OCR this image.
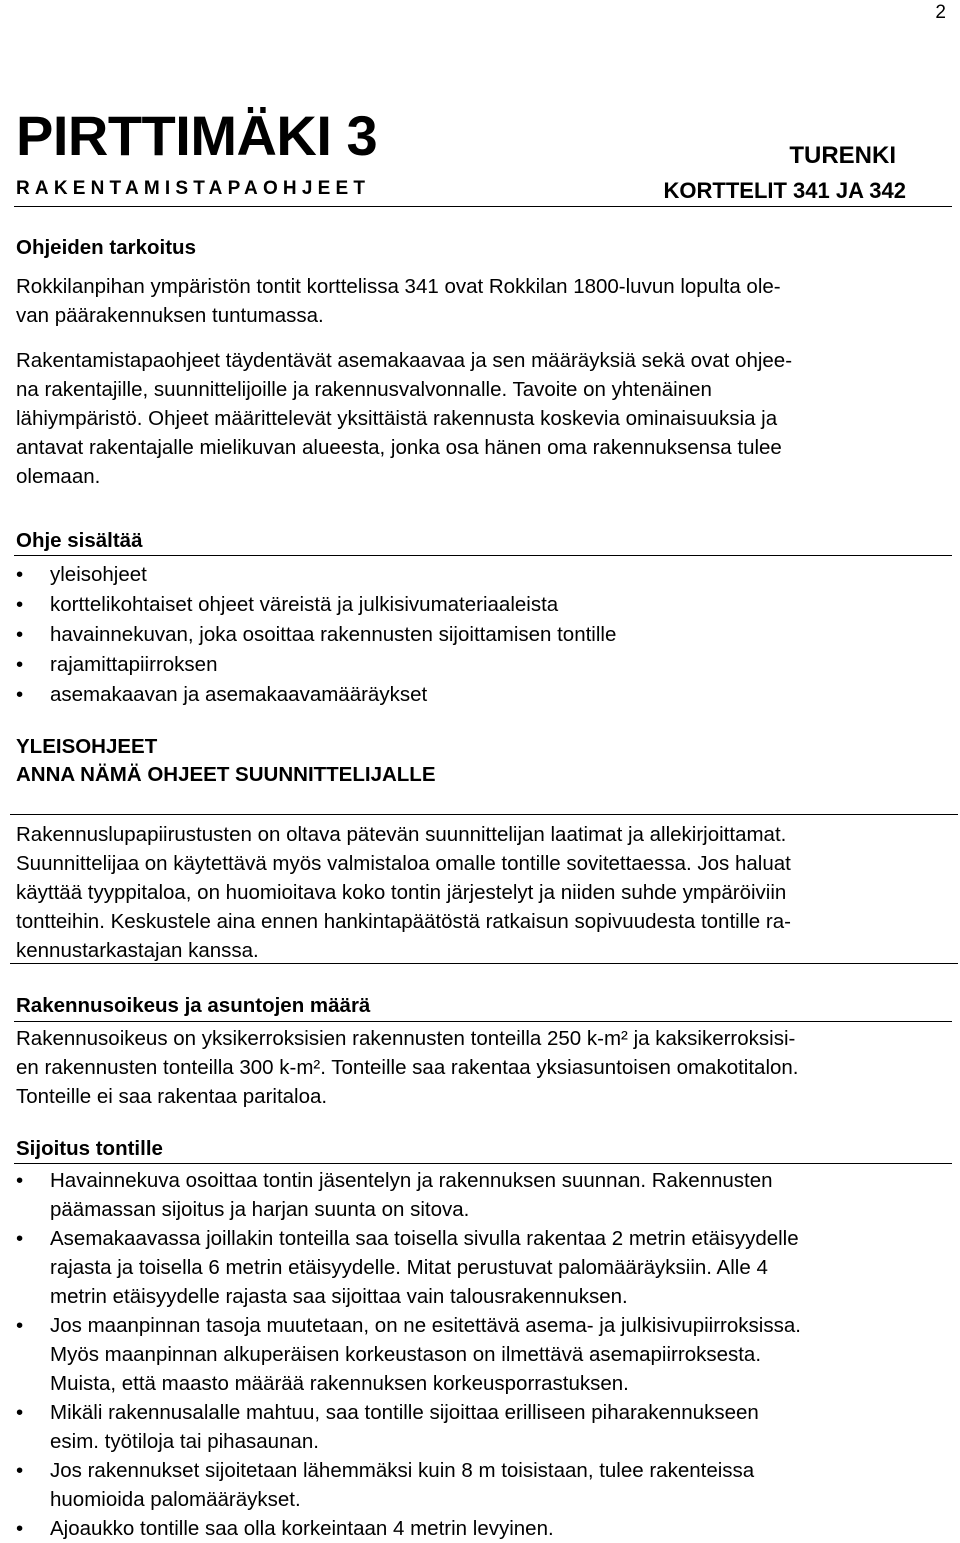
2
PIRTTIMÄKI 3	TURENKI
RAKENTAMISTAPAOHJEET	KORTTELIT 341 JA 342
Ohjeiden tarkoitus
Rokkilanpihan ympäristön tontit korttelissa 341 ovat Rokkilan 1800-luvun lopulta ole-
van päärakennuksen tuntumassa.
Rakentamistapaohjeet täydentävät asemakaavaa ja sen määräyksiä sekä ovat ohjee-
na rakentajille, suunnittelijoille ja rakennusvalvonnalle. Tavoite on yhtenäinen
lähiympäristö. Ohjeet määrittelevät yksittäistä rakennusta koskevia ominaisuuksia ja
antavat rakentajalle mielikuvan alueesta, jonka osa hänen oma rakennuksensa tulee
olemaan.
Ohje sisältää
• yleisohjeet
• korttelikohtaiset ohjeet väreistä ja julkisivumateriaaleista
• havainnekuvan, joka osoittaa rakennusten sijoittamisen tontille
• rajamittapiirroksen
• asemakaavan ja asemakaavamääräykset
YLEISOHJEET
ANNA NÄMÄ OHJEET SUUNNITTELIJALLE
Rakennuslupapiirustusten on oltava pätevän suunnittelijan laatimat ja allekirjoittamat.
Suunnittelijaa on käytettävä myös valmistaloa omalle tontille sovitettaessa. Jos haluat
käyttää tyyppitaloa, on huomioitava koko tontin järjestelyt ja niiden suhde ympäröiviin
tontteihin. Keskustele aina ennen hankintapäätöstä ratkaisun sopivuudesta tontille ra-
kennustarkastajan kanssa.
Rakennusoikeus ja asuntojen määrä
Rakennusoikeus on yksikerroksisien rakennusten tonteilla 250 k-m² ja kaksikerroksisi-
en rakennusten tonteilla 300 k-m². Tonteille saa rakentaa yksiasuntoisen omakotitalon.
Tonteille ei saa rakentaa paritaloa.
Sijoitus tontille
• Havainnekuva osoittaa tontin jäsentelyn ja rakennuksen suunnan. Rakennusten
päämassan sijoitus ja harjan suunta on sitova.
• Asemakaavassa joillakin tonteilla saa toisella sivulla rakentaa 2 metrin etäisyydelle
rajasta ja toisella 6 metrin etäisyydelle. Mitat perustuvat palomääräyksiin. Alle 4
metrin etäisyydelle rajasta saa sijoittaa vain talousrakennuksen.
• Jos maanpinnan tasoja muutetaan, on ne esitettävä asema- ja julkisivupiirroksissa.
Myös maanpinnan alkuperäisen korkeustason on ilmettävä asemapiirroksesta.
Muista, että maasto määrää rakennuksen korkeusporrastuksen.
• Mikäli rakennusalalle mahtuu, saa tontille sijoittaa erilliseen piharakennukseen
esim. työtiloja tai pihasaunan.
• Jos rakennukset sijoitetaan lähemmäksi kuin 8 m toisistaan, tulee rakenteissa
huomioida palomääräykset.
• Ajoaukko tontille saa olla korkeintaan 4 metrin levyinen.
